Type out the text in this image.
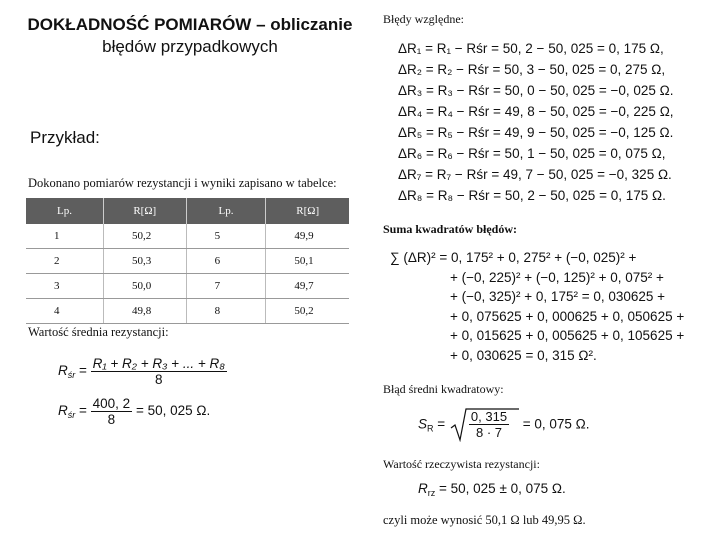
DOKŁADNOŚĆ POMIARÓW – obliczanie
błędów przypadkowych
Przykład:
Dokonano pomiarów rezystancji i wyniki zapisano w tabelce:
Lp.	R[Ω]	Lp.	R[Ω]
1	50,2	5	49,9
2	50,3	6	50,1
3	50,0	7	49,7
4	49,8	8	50,2
Wartość średnia rezystancji:
$R_{śr} = \frac{\text{R₁ + R₂ + R₃ + ... + R₈}}{8}$
$R_{śr} = \frac{400, 2}{8} = 50$, 025 Ω.
Błędy względne:
ΔR₁ = R₁ − Rśr = 50, 2 − 50, 025 = 0, 175 Ω,
ΔR₂ = R₂ − Rśr = 50, 3 − 50, 025 = 0, 275 Ω,
ΔR₃ = R₃ − Rśr = 50, 0 − 50, 025 = −0, 025 Ω.
ΔR₄ = R₄ − Rśr = 49, 8 − 50, 025 = −0, 225 Ω,
ΔR₅ = R₅ − Rśr = 49, 9 − 50, 025 = −0, 125 Ω.
ΔR₆ = R₆ − Rśr = 50, 1 − 50, 025 = 0, 075 Ω,
ΔR₇ = R₇ − Rśr = 49, 7 − 50, 025 = −0, 325 Ω.
ΔR₈ = R₈ − Rśr = 50, 2 − 50, 025 = 0, 175 Ω.
Suma kwadratów błędów:
∑ (ΔR)² = 0, 175² + 0, 275² + (−0, 025)² +
+ (−0, 225)² + (−0, 125)² + 0, 075² +
+ (−0, 325)² + 0, 175² = 0, 030625 +
+ 0, 075625 + 0, 000625 + 0, 050625 +
+ 0, 015625 + 0, 005625 + 0, 105625 +
+ 0, 030625 = 0, 315 Ω².
Błąd średni kwadratowy:
$S_R = \frac{0, 315}{8 \cdot 7} = 0$, 075 Ω.
Wartość rzeczywista rezystancji:
$R_{rz} = 50$, 025 ± 0, 075 Ω.
czyli może wynosić 50,1 Ω lub 49,95 Ω.
